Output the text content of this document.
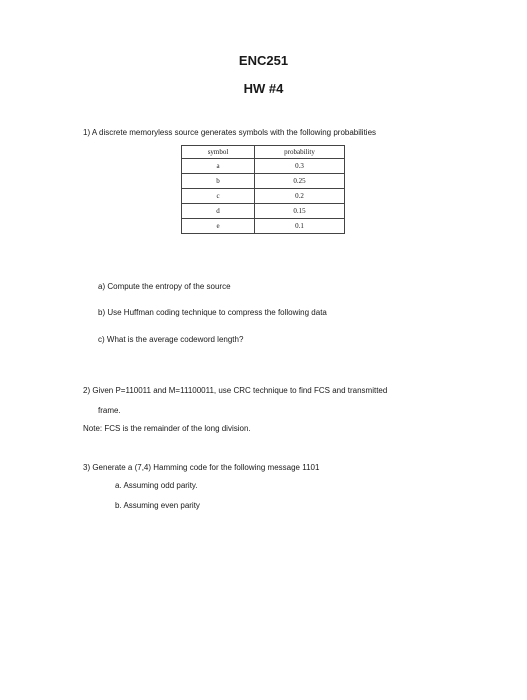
ENC251
HW #4
1) A discrete memoryless source generates symbols with the following probabilities
symbol	probability
a	0.3
b	0.25
c	0.2
d	0.15
e	0.1
a) Compute the entropy of the source
b) Use Huffman coding technique to compress the following data
c) What is the average codeword length?
2) Given P=110011 and M=11100011, use CRC technique to find FCS and transmitted
frame.
Note: FCS is the remainder of the long division.
3) Generate a (7,4) Hamming code for the following message 1101
a. Assuming odd parity.
b. Assuming even parity
